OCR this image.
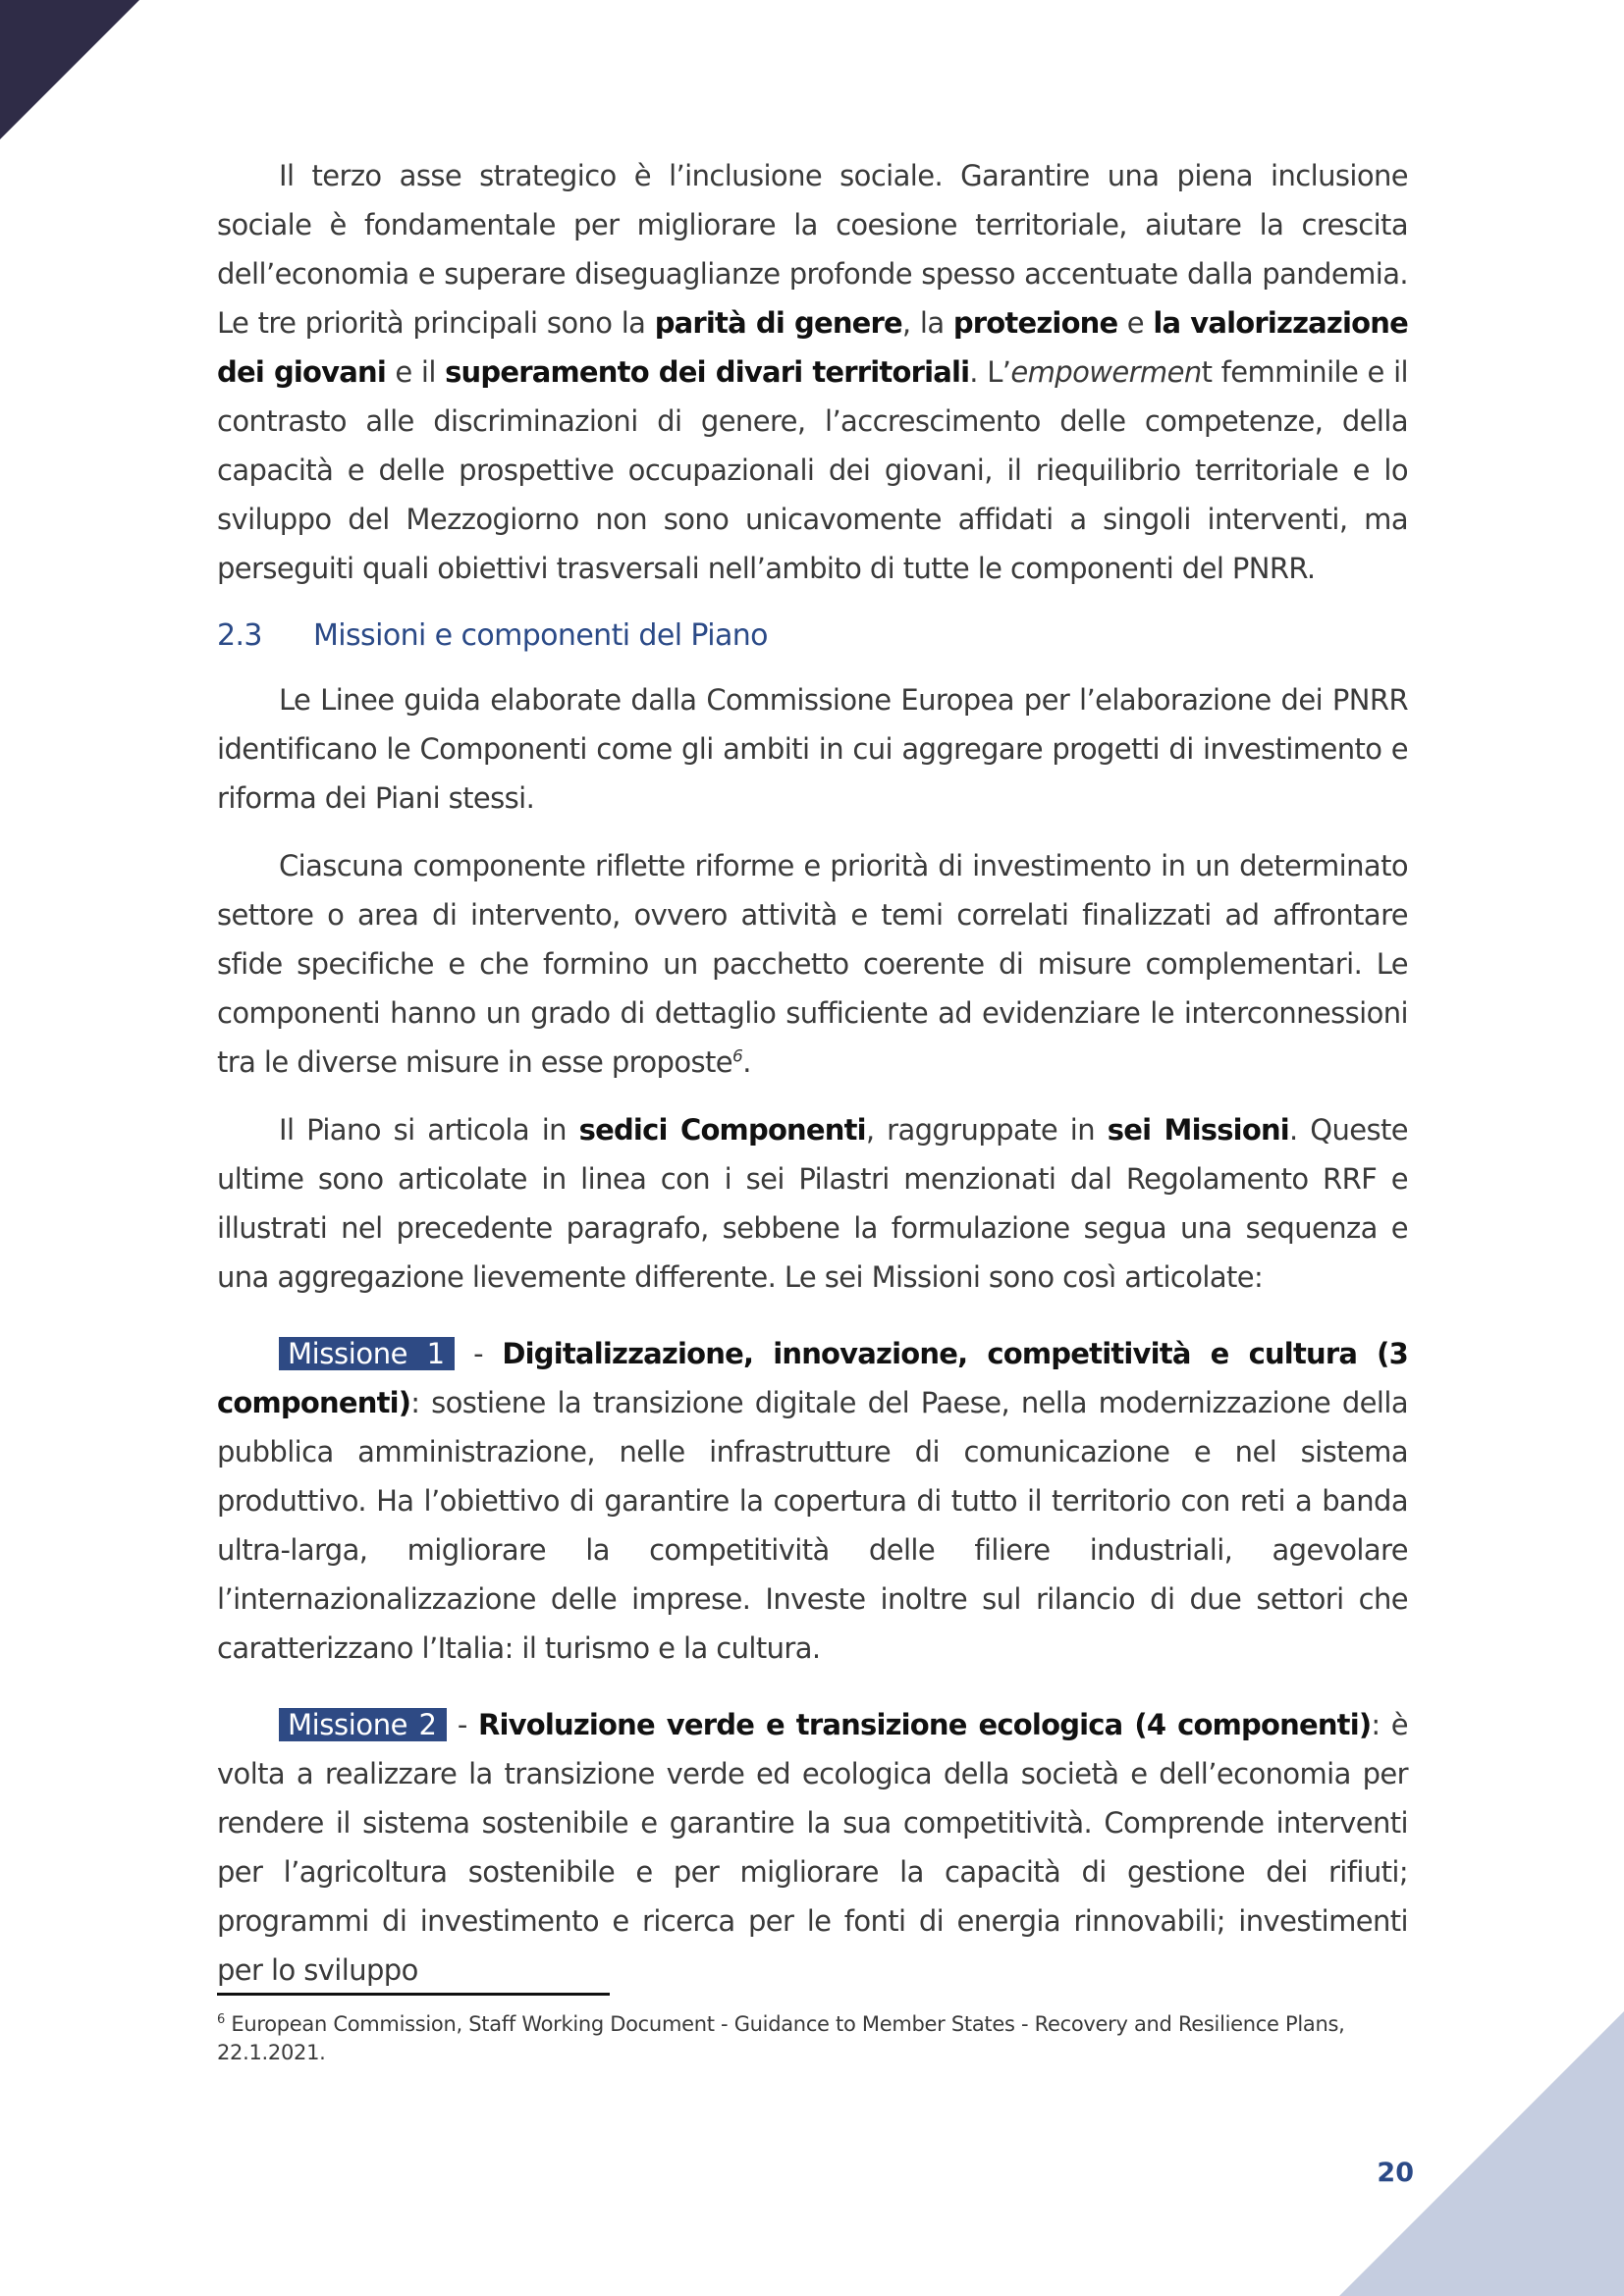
Il terzo asse strategico è l’inclusione sociale. Garantire una piena inclusione sociale è fondamentale per migliorare la coesione territoriale, aiutare la crescita dell’economia e superare diseguaglianze profonde spesso accentuate dalla pandemia. Le tre priorità principali sono la parità di genere, la protezione e la valorizzazione dei giovani e il superamento dei divari territoriali. L’empowerment femminile e il contrasto alle discriminazioni di genere, l’accrescimento delle competenze, della capacità e delle prospettive occupazionali dei giovani, il riequilibrio territoriale e lo sviluppo del Mezzogiorno non sono unicavomente affidati a singoli interventi, ma perseguiti quali obiettivi trasversali nell’ambito di tutte le componenti del PNRR.

2.3 Missioni e componenti del Piano

Le Linee guida elaborate dalla Commissione Europea per l’elaborazione dei PNRR identificano le Componenti come gli ambiti in cui aggregare progetti di investimento e riforma dei Piani stessi.

Ciascuna componente riflette riforme e priorità di investimento in un determinato settore o area di intervento, ovvero attività e temi correlati finalizzati ad affrontare sfide specifiche e che formino un pacchetto coerente di misure complementari. Le componenti hanno un grado di dettaglio sufficiente ad evidenziare le interconnessioni tra le diverse misure in esse proposte$^6$.

Il Piano si articola in sedici Componenti, raggruppate in sei Missioni. Queste ultime sono articolate in linea con i sei Pilastri menzionati dal Regolamento RRF e illustrati nel precedente paragrafo, sebbene la formulazione segua una sequenza e una aggregazione lievemente differente. Le sei Missioni sono così articolate:

Missione 1 - Digitalizzazione, innovazione, competitività e cultura (3 componenti): sostiene la transizione digitale del Paese, nella modernizzazione della pubblica amministrazione, nelle infrastrutture di comunicazione e nel sistema produttivo. Ha l’obiettivo di garantire la copertura di tutto il territorio con reti a banda ultra-larga, migliorare la competitività delle filiere industriali, agevolare l’internazionalizzazione delle imprese. Investe inoltre sul rilancio di due settori che caratterizzano l’Italia: il turismo e la cultura.

Missione 2 - Rivoluzione verde e transizione ecologica (4 componenti): è volta a realizzare la transizione verde ed ecologica della società e dell’economia per rendere il sistema sostenibile e garantire la sua competitività. Comprende interventi per l’agricoltura sostenibile e per migliorare la capacità di gestione dei rifiuti; programmi di investimento e ricerca per le fonti di energia rinnovabili; investimenti per lo sviluppo

$^6$ European Commission, Staff Working Document - Guidance to Member States - Recovery and Resilience Plans, 22.1.2021.
20
